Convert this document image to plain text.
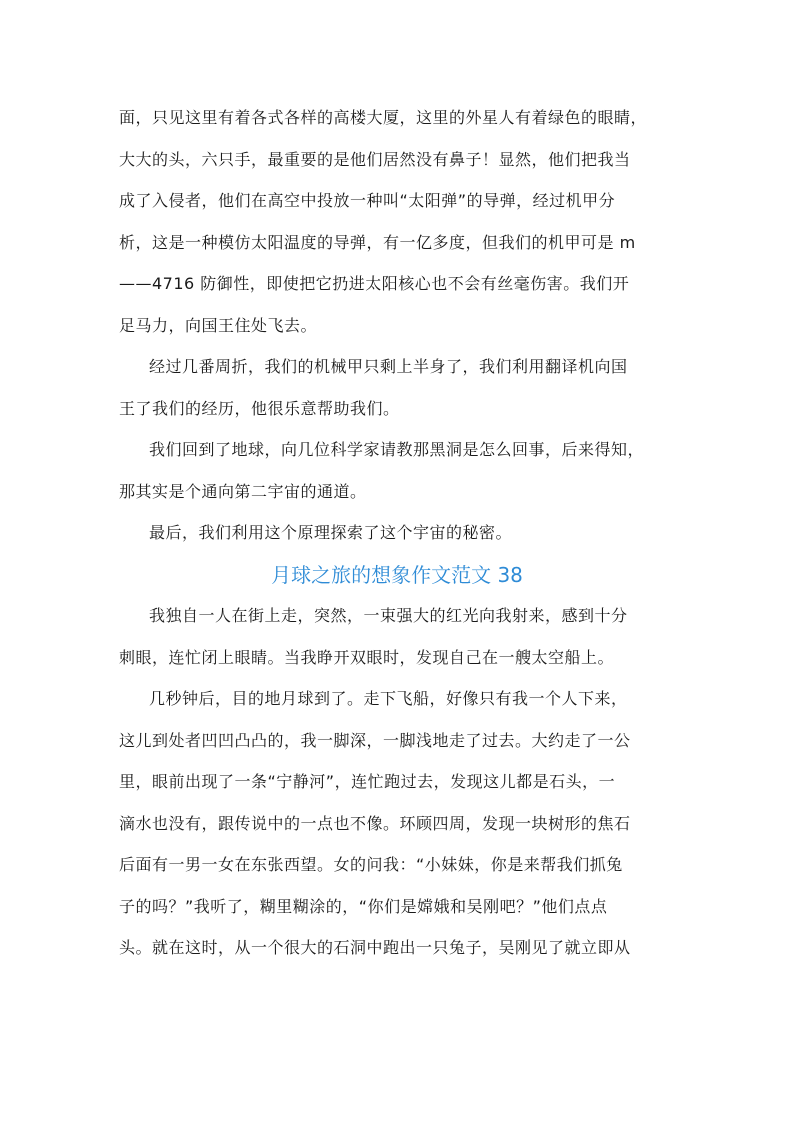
面，只见这里有着各式各样的高楼大厦，这里的外星人有着绿色的眼睛，
大大的头，六只手，最重要的是他们居然没有鼻子！显然，他们把我当
成了入侵者，他们在高空中投放一种叫“太阳弹”的导弹，经过机甲分
析，这是一种模仿太阳温度的导弹，有一亿多度，但我们的机甲可是 m
——4716 防御性，即使把它扔进太阳核心也不会有丝毫伤害。我们开
足马力，向国王住处飞去。
经过几番周折，我们的机械甲只剩上半身了，我们利用翻译机向国
王了我们的经历，他很乐意帮助我们。
我们回到了地球，向几位科学家请教那黑洞是怎么回事，后来得知，
那其实是个通向第二宇宙的通道。
最后，我们利用这个原理探索了这个宇宙的秘密。
月球之旅的想象作文范文 38
我独自一人在街上走，突然，一束强大的红光向我射来，感到十分
刺眼，连忙闭上眼睛。当我睁开双眼时，发现自己在一艘太空船上。
几秒钟后，目的地月球到了。走下飞船，好像只有我一个人下来，
这儿到处者凹凹凸凸的，我一脚深，一脚浅地走了过去。大约走了一公
里，眼前出现了一条“宁静河”，连忙跑过去，发现这儿都是石头，一
滴水也没有，跟传说中的一点也不像。环顾四周，发现一块树形的焦石
后面有一男一女在东张西望。女的问我：“小妹妹，你是来帮我们抓兔
子的吗？”我听了，糊里糊涂的，“你们是嫦娥和吴刚吧？”他们点点
头。就在这时，从一个很大的石洞中跑出一只兔子，吴刚见了就立即从
